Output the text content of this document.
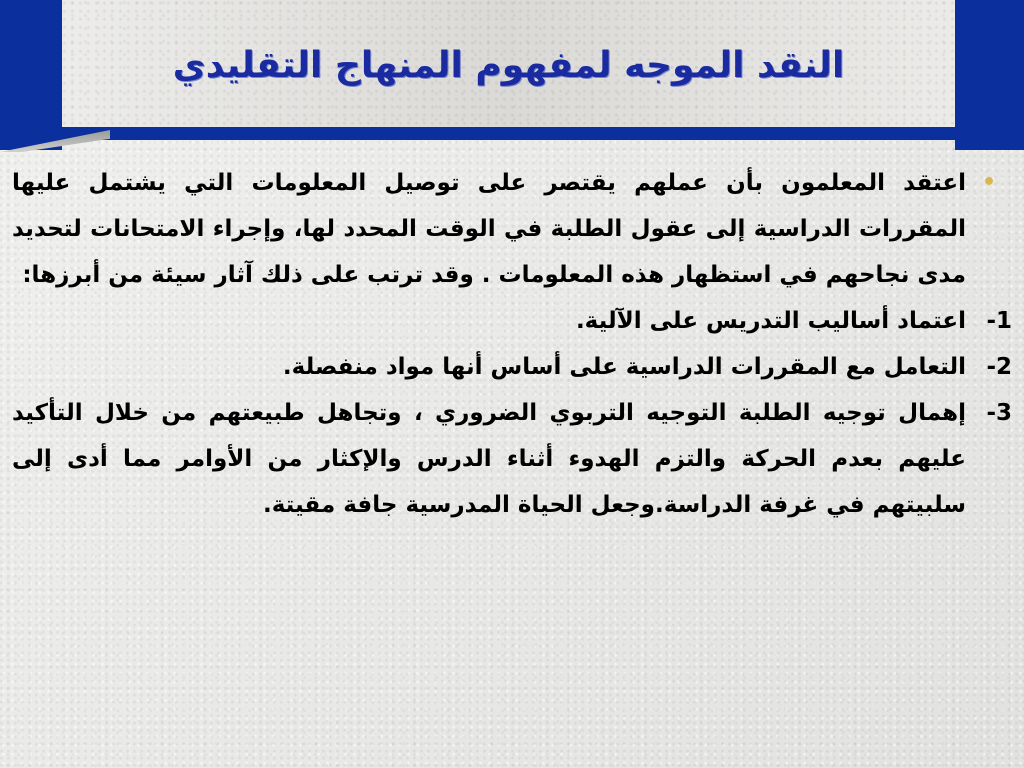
النقد الموجه لمفهوم المنهاج التقليدي
•
اعتقد المعلمون بأن عملهم يقتصر على توصيل المعلومات التي يشتمل عليها المقررات الدراسية إلى عقول الطلبة في الوقت المحدد لها، وإجراء الامتحانات لتحديد مدى نجاحهم في استظهار هذه المعلومات . وقد ترتب على ذلك آثار سيئة من أبرزها:
1-
اعتماد أساليب التدريس على الآلية.
2-
التعامل مع المقررات الدراسية على أساس أنها مواد منفصلة.
3-
إهمال توجيه الطلبة التوجيه التربوي الضروري ، وتجاهل طبيعتهم من خلال التأكيد عليهم بعدم الحركة والتزم الهدوء أثناء الدرس والإكثار من الأوامر مما أدى إلى سلبيتهم في غرفة الدراسة.وجعل الحياة المدرسية جافة مقيتة.
